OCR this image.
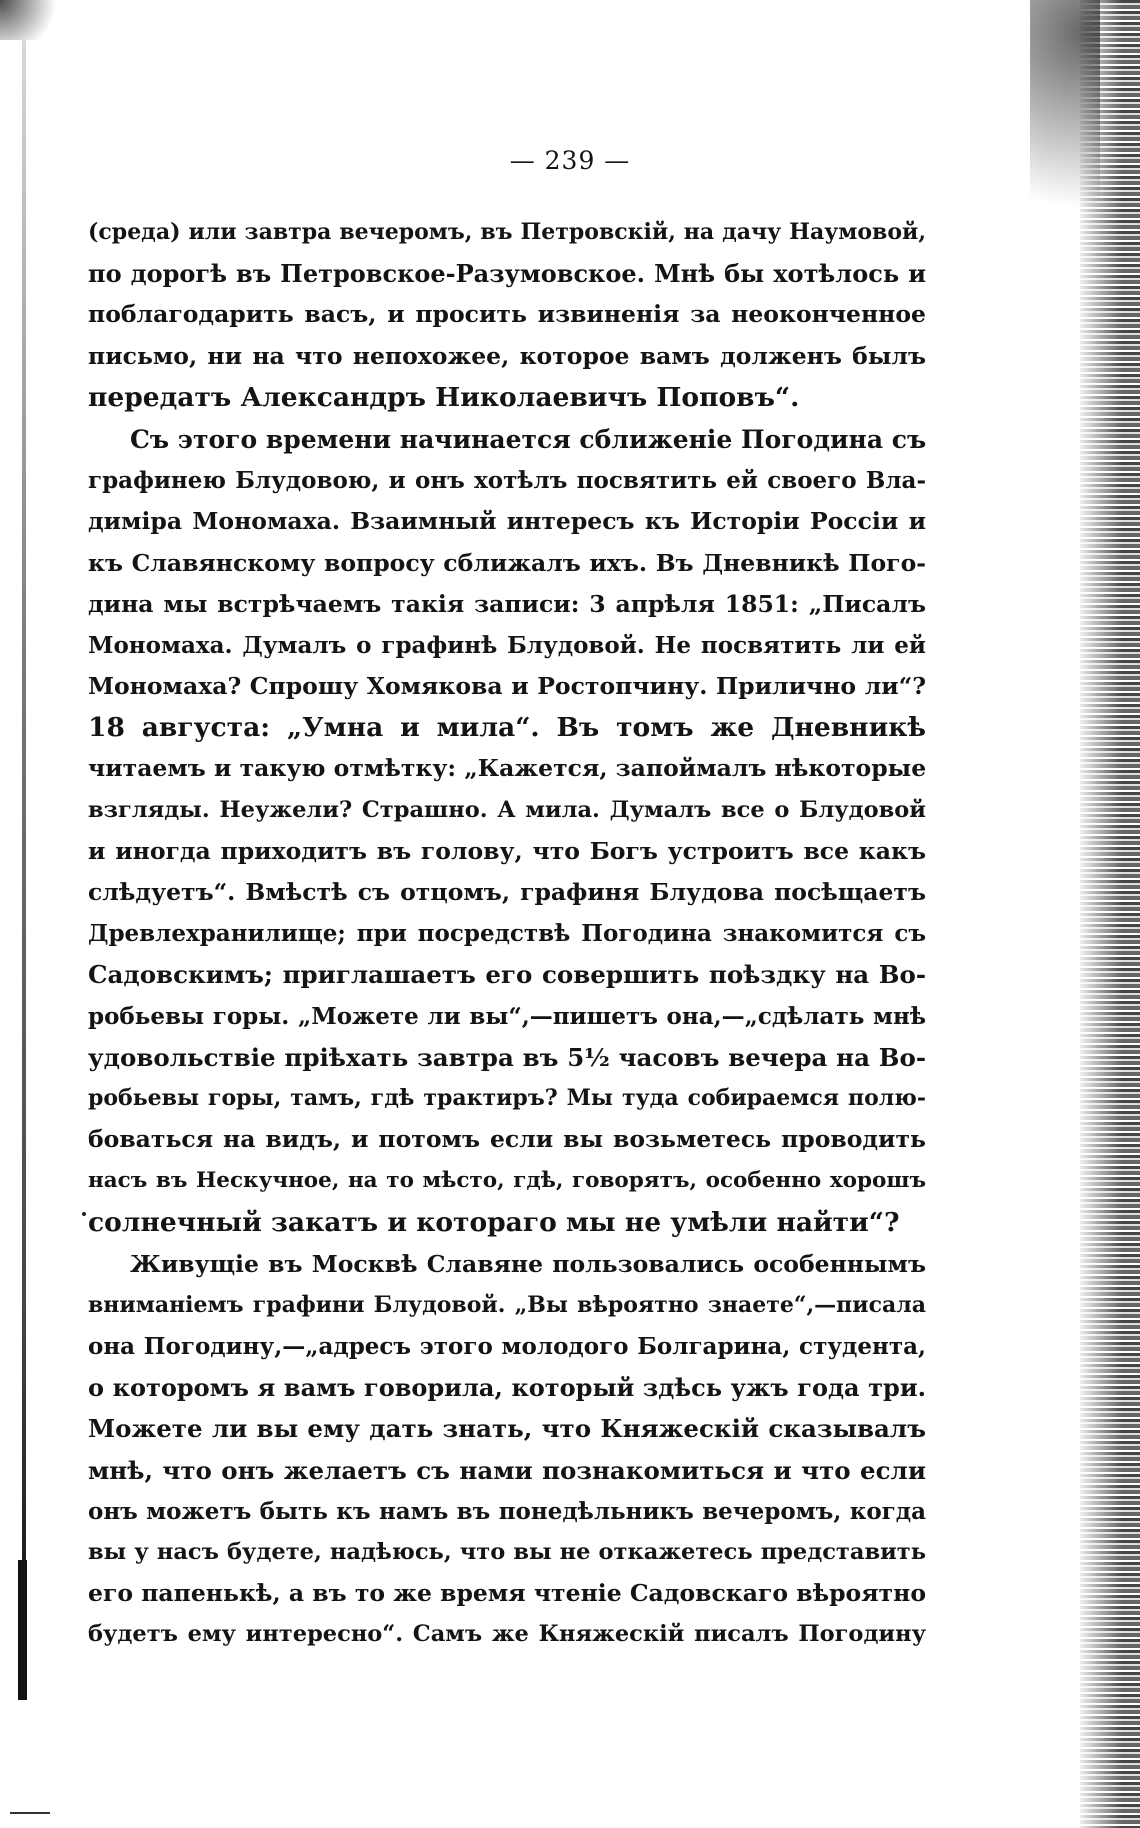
— 239 —
(среда) или завтра вечеромъ, въ Петровскій, на дачу Наумовой,
по дорогѣ въ Петровское-Разумовское. Мнѣ бы хотѣлось и
поблагодарить васъ, и просить извиненія за неоконченное
письмо, ни на что непохожее, которое вамъ долженъ былъ
передатъ Александръ Николаевичъ Поповъ“.
Съ этого времени начинается сближеніе Погодина съ
графинею Блудовою, и онъ хотѣлъ посвятить ей своего Вла-
диміра Мономаха. Взаимный интересъ къ Исторіи Россіи и
къ Славянскому вопросу сближалъ ихъ. Въ Дневникѣ Пого-
дина мы встрѣчаемъ такія записи: 3 апрѣля 1851: „Писалъ
Мономаха. Думалъ о графинѣ Блудовой. Не посвятить ли ей
Мономаха? Спрошу Хомякова и Ростопчину. Прилично ли“?
18 августа: „Умна и мила“. Въ томъ же Дневникѣ
читаемъ и такую отмѣтку: „Кажется, запоймалъ нѣкоторые
взгляды. Неужели? Страшно. А мила. Думалъ все о Блудовой
и иногда приходитъ въ голову, что Богъ устроитъ все какъ
слѣдуетъ“. Вмѣстѣ съ отцомъ, графиня Блудова посѣщаетъ
Древлехранилище; при посредствѣ Погодина знакомится съ
Садовскимъ; приглашаетъ его совершить поѣздку на Во-
робьевы горы. „Можете ли вы“,—пишетъ она,—„сдѣлать мнѣ
удовольствіе пріѣхать завтра въ 5½ часовъ вечера на Во-
робьевы горы, тамъ, гдѣ трактиръ? Мы туда собираемся полю-
боваться на видъ, и потомъ если вы возьметесь проводить
насъ въ Нескучное, на то мѣсто, гдѣ, говорятъ, особенно хорошъ
солнечный закатъ и котораго мы не умѣли найти“?
Живущіе въ Москвѣ Славяне пользовались особеннымъ
вниманіемъ графини Блудовой. „Вы вѣроятно знаете“,—писала
она Погодину,—„адресъ этого молодого Болгарина, студента,
о которомъ я вамъ говорила, который здѣсь ужъ года три.
Можете ли вы ему дать знать, что Княжескій сказывалъ
мнѣ, что онъ желаетъ съ нами познакомиться и что если
онъ можетъ быть къ намъ въ понедѣльникъ вечеромъ, когда
вы у насъ будете, надѣюсь, что вы не откажетесь представить
его папенькѣ, а въ то же время чтеніе Садовскаго вѣроятно
будетъ ему интересно“. Самъ же Княжескій писалъ Погодину
